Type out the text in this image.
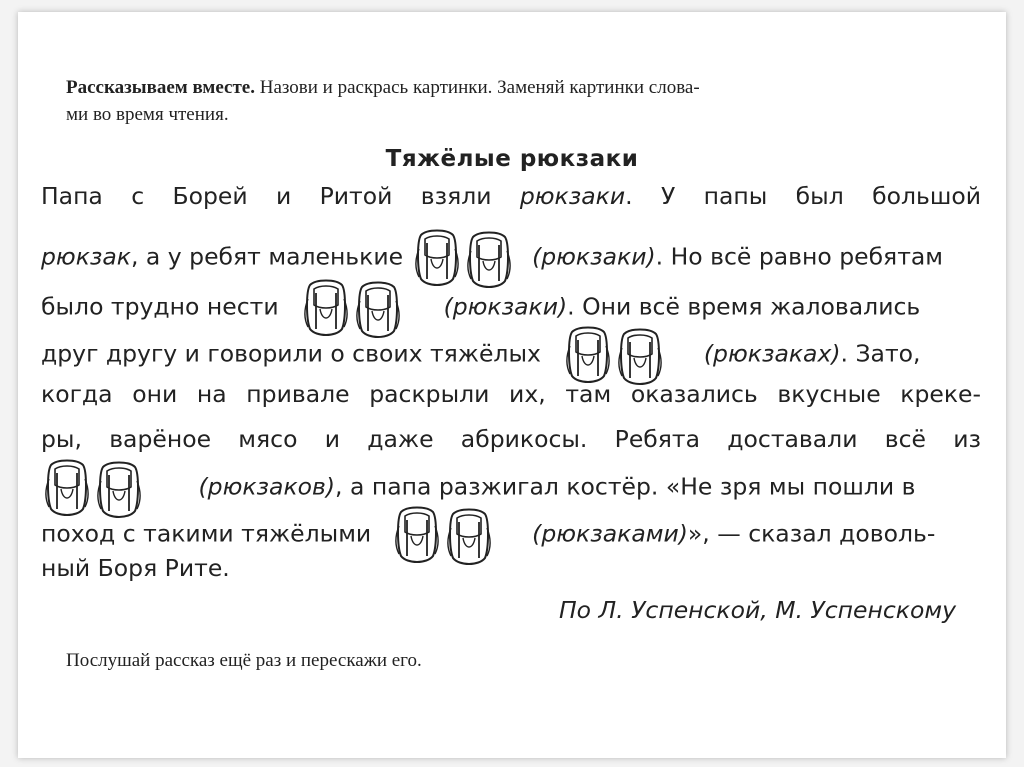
Рассказываем вместе. Назови и раскрась картинки. Заменяй картинки слова-
ми во время чтения.
Тяжёлые рюкзаки
Папа с Борей и Ритой взяли рюкзаки. У папы был большой
рюкзак, а у ребят маленькие	(рюкзаки). Но всё равно ребятам
было трудно нести	(рюкзаки). Они всё время жаловались
друг другу и говорили о своих тяжёлых	(рюкзаках). Зато,
когда они на привале раскрыли их, там оказались вкусные креке-
ры, варёное мясо и даже абрикосы. Ребята доставали всё из
(рюкзаков), а папа разжигал костёр. «Не зря мы пошли в
поход с такими тяжёлыми	(рюкзаками)», — сказал доволь-
ный Боря Рите.
По Л. Успенской, М. Успенскому
Послушай рассказ ещё раз и перескажи его.
